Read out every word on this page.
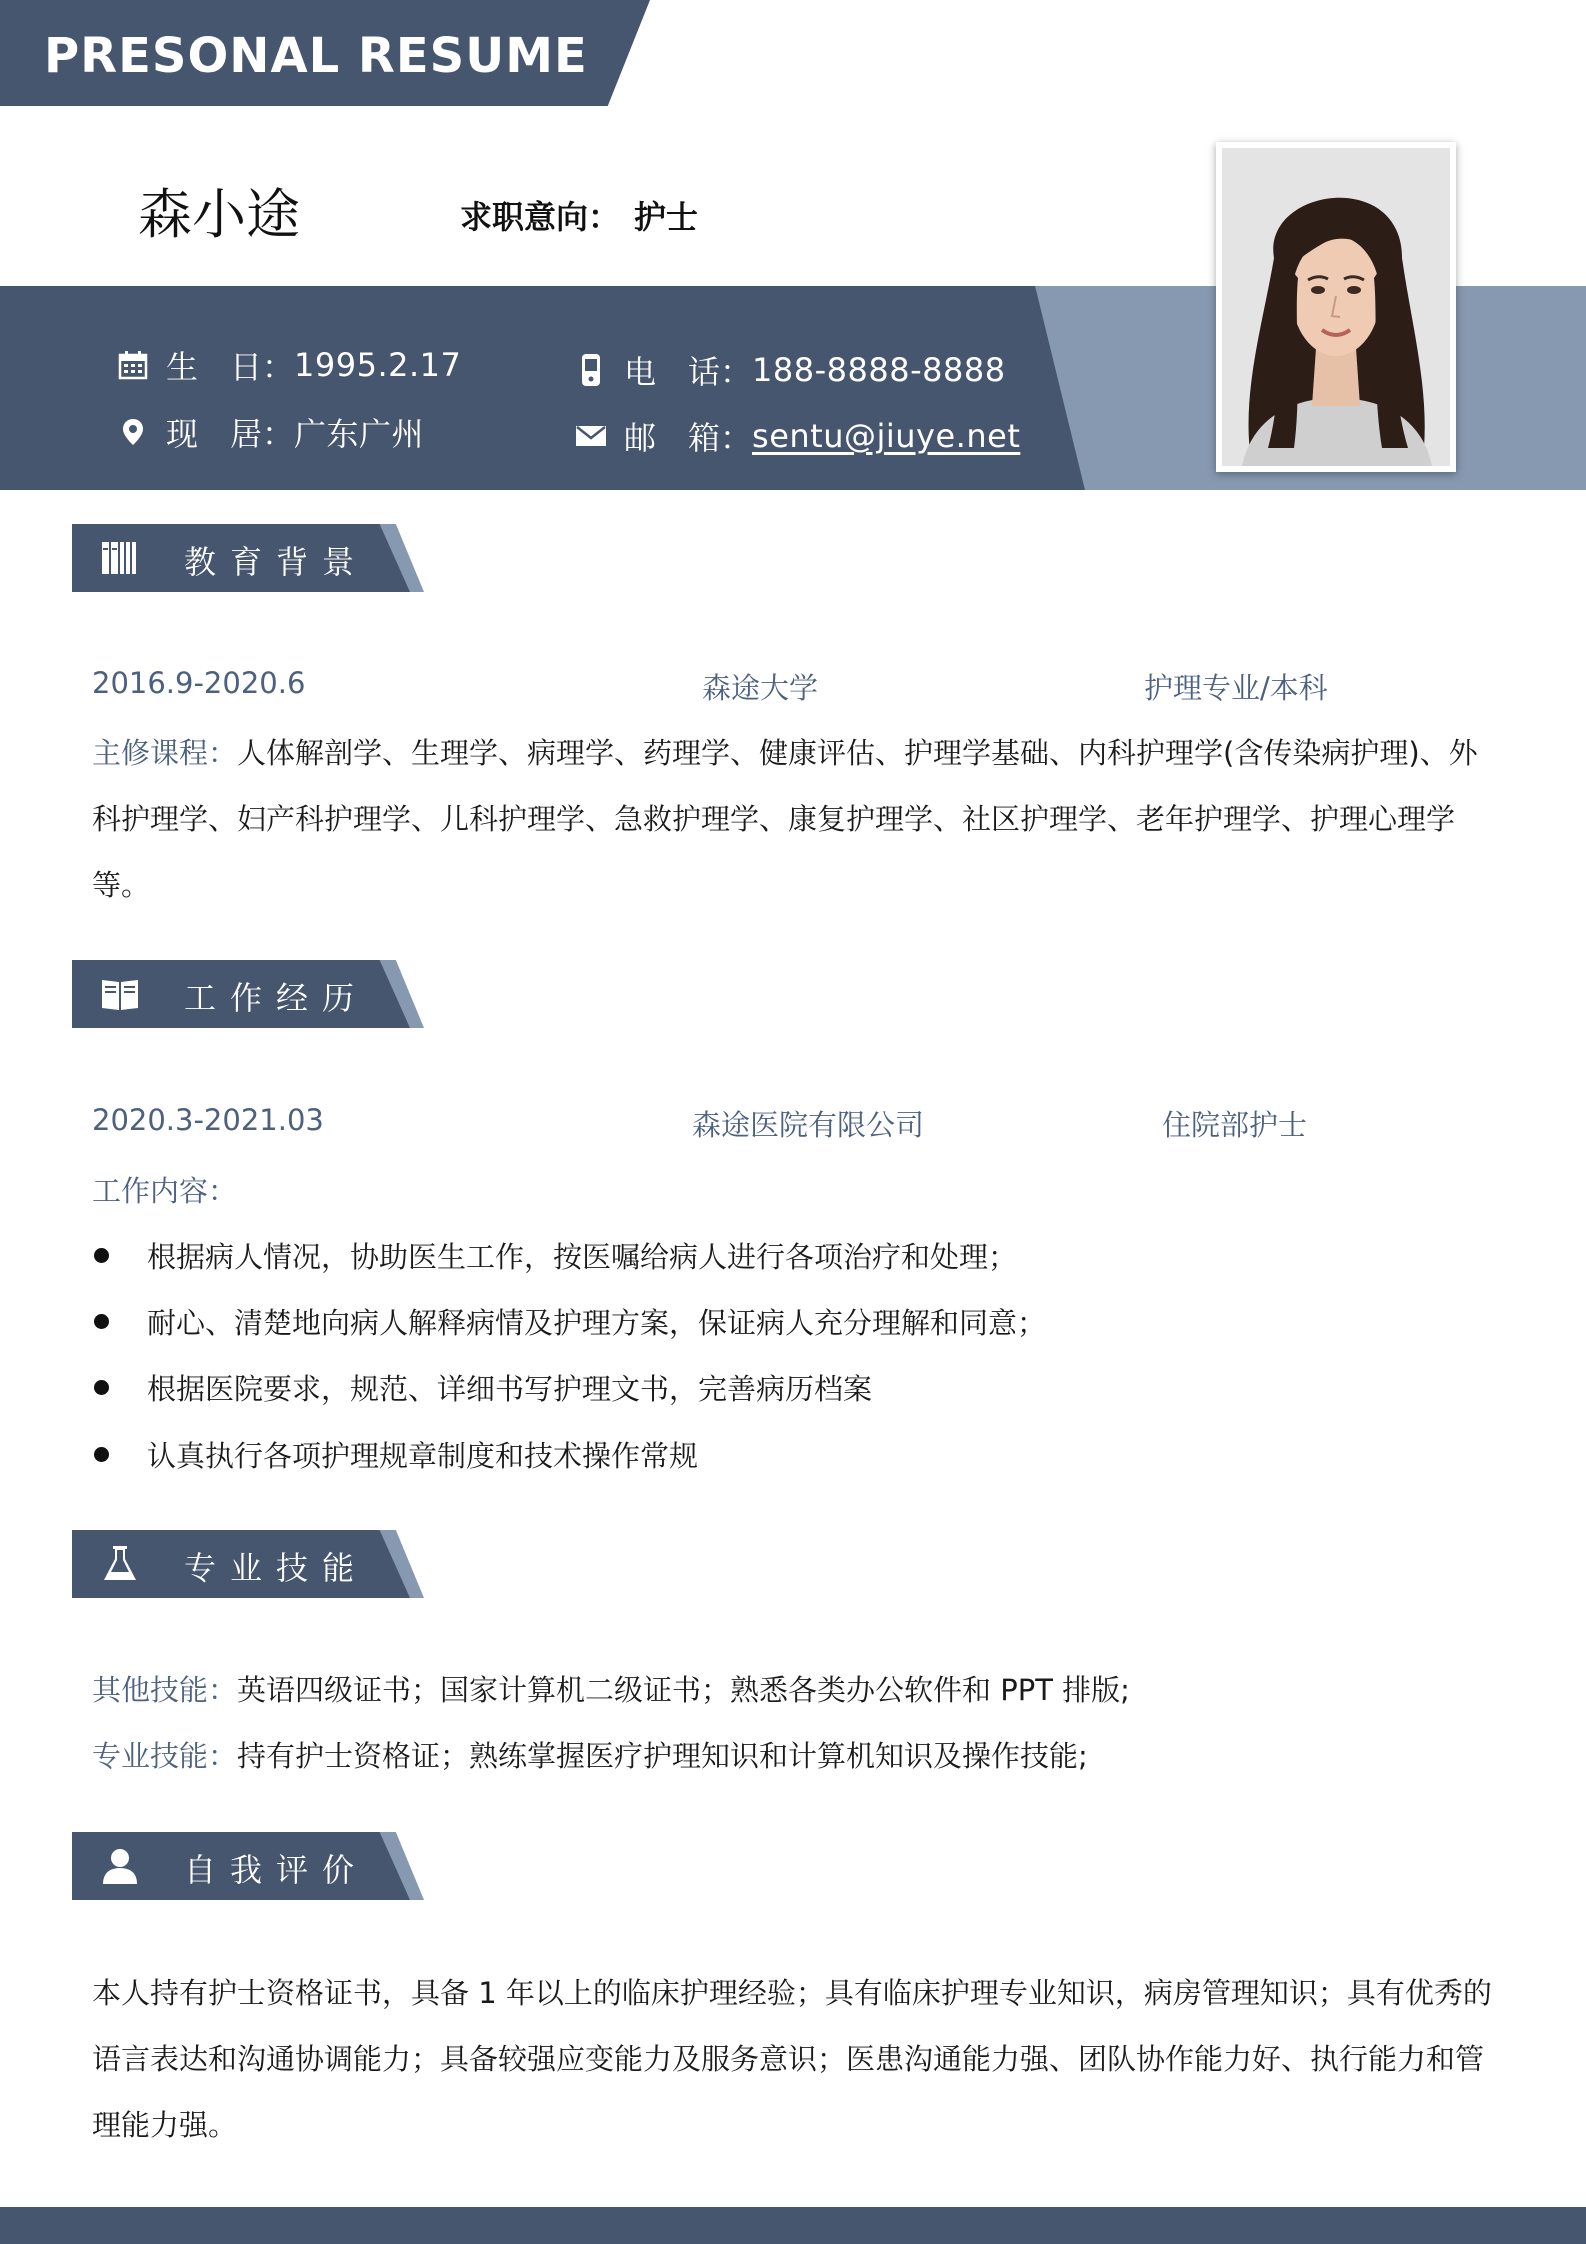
PRESONAL RESUME
森小途	求职意向： 护士
生　日： 1995.2.17
现　居： 广东广州
电　话： 188-8888-8888
邮　箱： sentu@jiuye.net
教育背景
2016.9-2020.6	森途大学	护理专业/本科
主修课程：人体解剖学、生理学、病理学、药理学、健康评估、护理学基础、内科护理学(含传染病护理)、外科护理学、妇产科护理学、儿科护理学、急救护理学、康复护理学、社区护理学、老年护理学、护理心理学等。
工作经历
2020.3-2021.03	森途医院有限公司	住院部护士
工作内容：
根据病人情况，协助医生工作，按医嘱给病人进行各项治疗和处理；
耐心、清楚地向病人解释病情及护理方案，保证病人充分理解和同意；
根据医院要求，规范、详细书写护理文书，完善病历档案
认真执行各项护理规章制度和技术操作常规
专业技能
其他技能：英语四级证书；国家计算机二级证书；熟悉各类办公软件和 PPT 排版;
专业技能：持有护士资格证；熟练掌握医疗护理知识和计算机知识及操作技能;
自我评价
本人持有护士资格证书，具备 1 年以上的临床护理经验；具有临床护理专业知识，病房管理知识；具有优秀的语言表达和沟通协调能力；具备较强应变能力及服务意识；医患沟通能力强、团队协作能力好、执行能力和管理能力强。
